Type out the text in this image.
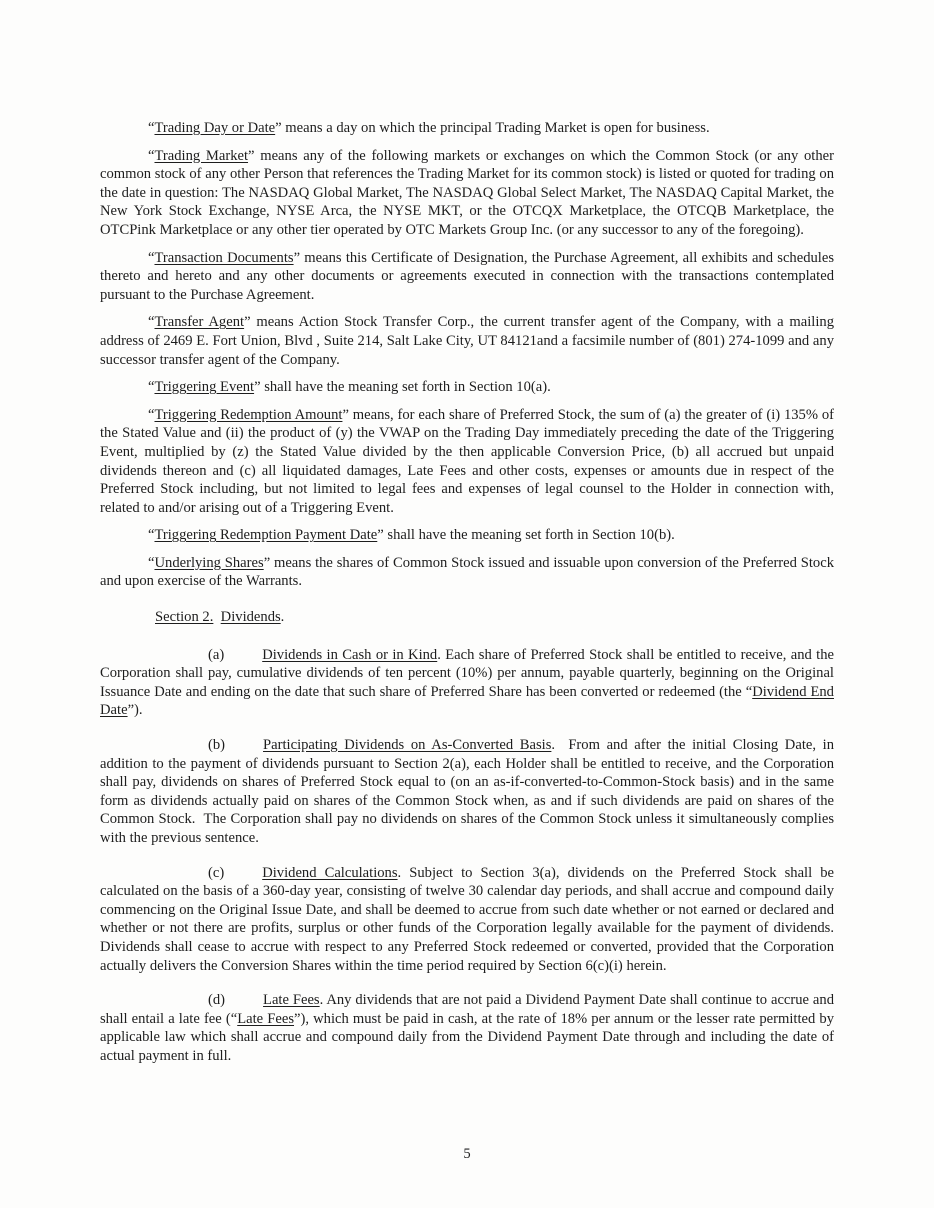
“Trading Day or Date” means a day on which the principal Trading Market is open for business.

“Trading Market” means any of the following markets or exchanges on which the Common Stock (or any other common stock of any other Person that references the Trading Market for its common stock) is listed or quoted for trading on the date in question: The NASDAQ Global Market, The NASDAQ Global Select Market, The NASDAQ Capital Market, the New York Stock Exchange, NYSE Arca, the NYSE MKT, or the OTCQX Marketplace, the OTCQB Marketplace, the OTCPink Marketplace or any other tier operated by OTC Markets Group Inc. (or any successor to any of the foregoing).

“Transaction Documents” means this Certificate of Designation, the Purchase Agreement, all exhibits and schedules thereto and hereto and any other documents or agreements executed in connection with the transactions contemplated pursuant to the Purchase Agreement.

“Transfer Agent” means Action Stock Transfer Corp., the current transfer agent of the Company, with a mailing address of 2469 E. Fort Union, Blvd , Suite 214, Salt Lake City, UT 84121and a facsimile number of (801) 274-1099 and any successor transfer agent of the Company.

“Triggering Event” shall have the meaning set forth in Section 10(a).

“Triggering Redemption Amount” means, for each share of Preferred Stock, the sum of (a) the greater of (i) 135% of the Stated Value and (ii) the product of (y) the VWAP on the Trading Day immediately preceding the date of the Triggering Event, multiplied by (z) the Stated Value divided by the then applicable Conversion Price, (b) all accrued but unpaid dividends thereon and (c) all liquidated damages, Late Fees and other costs, expenses or amounts due in respect of the Preferred Stock including, but not limited to legal fees and expenses of legal counsel to the Holder in connection with, related to and/or arising out of a Triggering Event.

“Triggering Redemption Payment Date” shall have the meaning set forth in Section 10(b).

“Underlying Shares” means the shares of Common Stock issued and issuable upon conversion of the Preferred Stock and upon exercise of the Warrants.

Section 2. Dividends.

(a)	Dividends in Cash or in Kind. Each share of Preferred Stock shall be entitled to receive, and the Corporation shall pay, cumulative dividends of ten percent (10%) per annum, payable quarterly, beginning on the Original Issuance Date and ending on the date that such share of Preferred Share has been converted or redeemed (the “Dividend End Date”).

(b)	Participating Dividends on As-Converted Basis.  From and after the initial Closing Date, in addition to the payment of dividends pursuant to Section 2(a), each Holder shall be entitled to receive, and the Corporation shall pay, dividends on shares of Preferred Stock equal to (on an as-if-converted-to-Common-Stock basis) and in the same form as dividends actually paid on shares of the Common Stock when, as and if such dividends are paid on shares of the Common Stock.  The Corporation shall pay no dividends on shares of the Common Stock unless it simultaneously complies with the previous sentence.

(c)	Dividend Calculations. Subject to Section 3(a), dividends on the Preferred Stock shall be calculated on the basis of a 360-day year, consisting of twelve 30 calendar day periods, and shall accrue and compound daily commencing on the Original Issue Date, and shall be deemed to accrue from such date whether or not earned or declared and whether or not there are profits, surplus or other funds of the Corporation legally available for the payment of dividends. Dividends shall cease to accrue with respect to any Preferred Stock redeemed or converted, provided that the Corporation actually delivers the Conversion Shares within the time period required by Section 6(c)(i) herein.

(d)	Late Fees. Any dividends that are not paid a Dividend Payment Date shall continue to accrue and shall entail a late fee (“Late Fees”), which must be paid in cash, at the rate of 18% per annum or the lesser rate permitted by applicable law which shall accrue and compound daily from the Dividend Payment Date through and including the date of actual payment in full.

5
